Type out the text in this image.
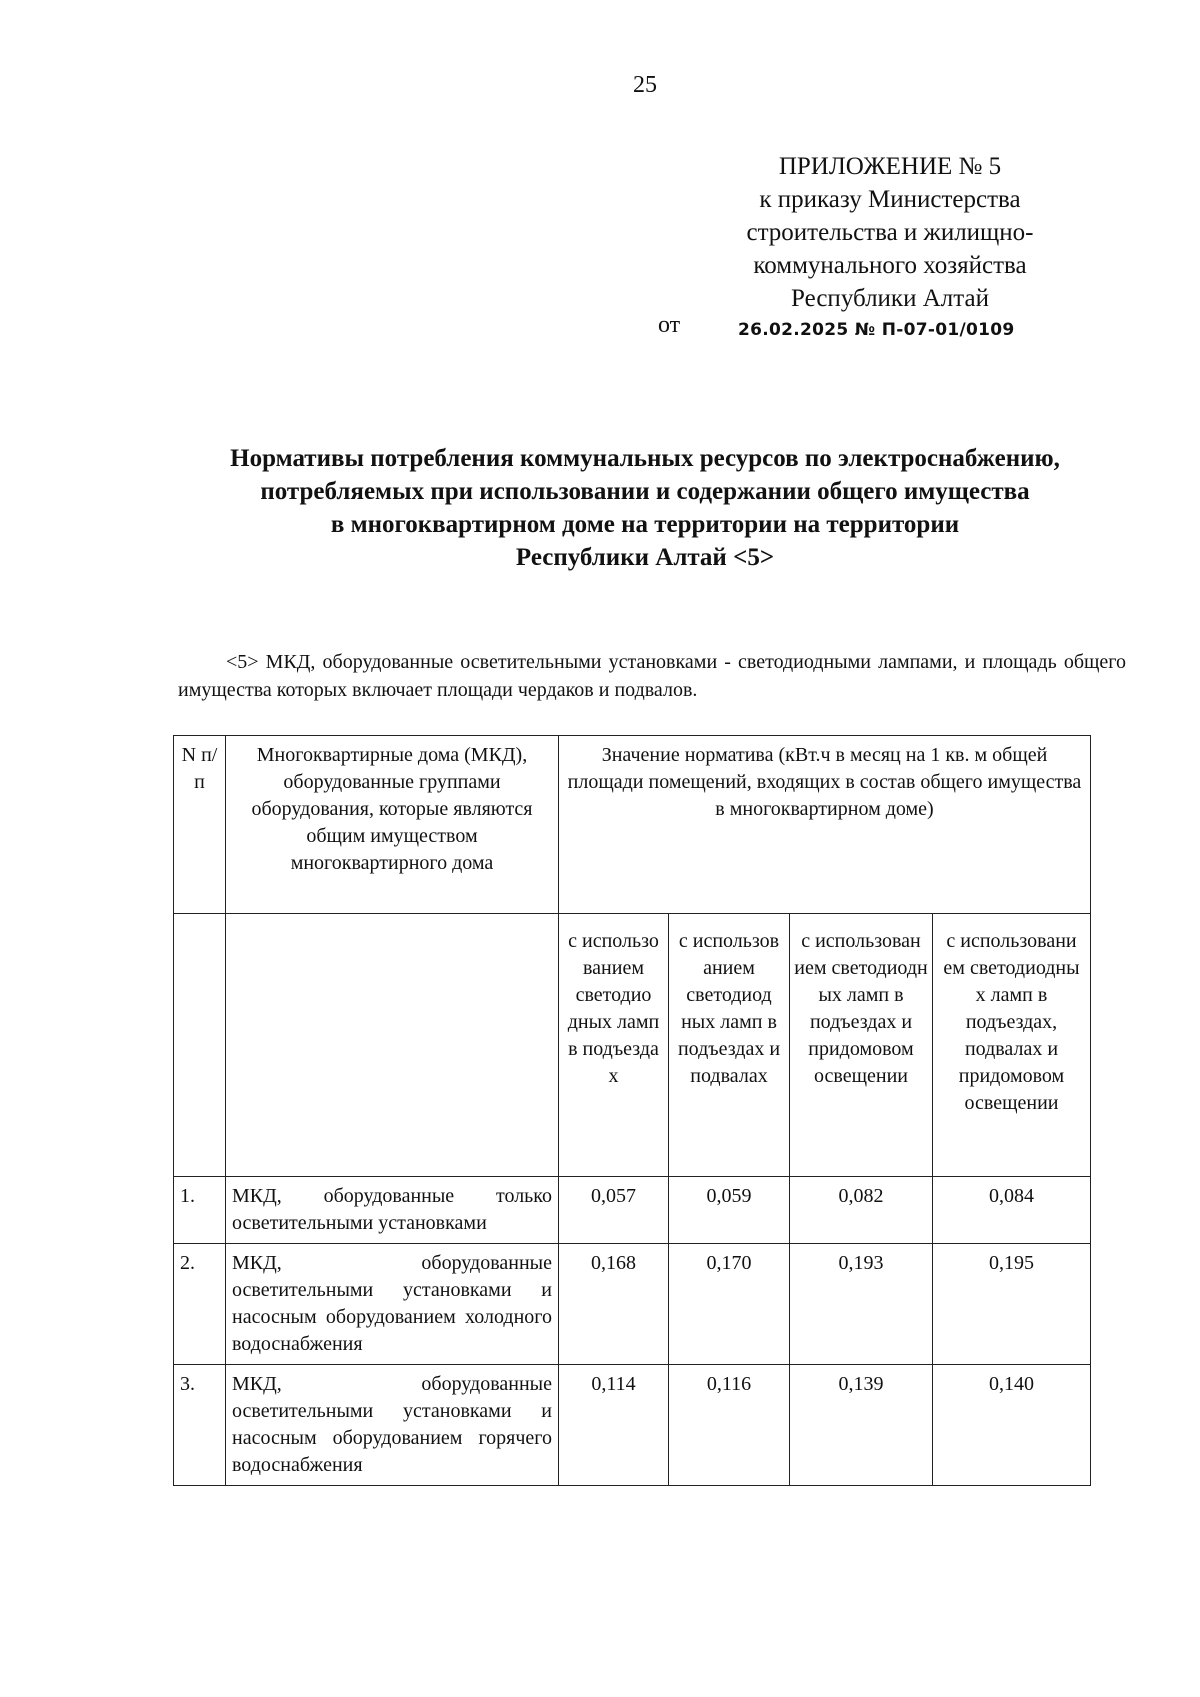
25
ПРИЛОЖЕНИЕ № 5
к приказу Министерства
строительства и жилищно-
коммунального хозяйства
Республики Алтай
от	26.02.2025 № П-07-01/0109
Нормативы потребления коммунальных ресурсов по электроснабжению,
потребляемых при использовании и содержании общего имущества
в многоквартирном доме на территории на территории
Республики Алтай <5>
<5> МКД, оборудованные осветительными установками - светодиодными лампами, и площадь общего имущества которых включает площади чердаков и подвалов.
N п/п	Многоквартирные дома (МКД), оборудованные группами оборудования, которые являются общим имуществом многоквартирного дома	Значение норматива (кВт.ч в месяц на 1 кв. м общей площади помещений, входящих в состав общего имущества в многоквартирном доме)			
		с использо ванием светодио дных ламп в подъезда х	с использов анием светодиод ных ламп в подъездах и подвалах	с использован ием светодиодн ых ламп в подъездах и придомовом освещении	с использовани ем светодиодны х ламп в подъездах, подвалах и придомовом освещении
1.	МКД, оборудованные только осветительными установками	0,057	0,059	0,082	0,084
2.	МКД, оборудованные осветительными установками и насосным оборудованием холодного водоснабжения	0,168	0,170	0,193	0,195
3.	МКД, оборудованные осветительными установками и насосным оборудованием горячего водоснабжения	0,114	0,116	0,139	0,140
